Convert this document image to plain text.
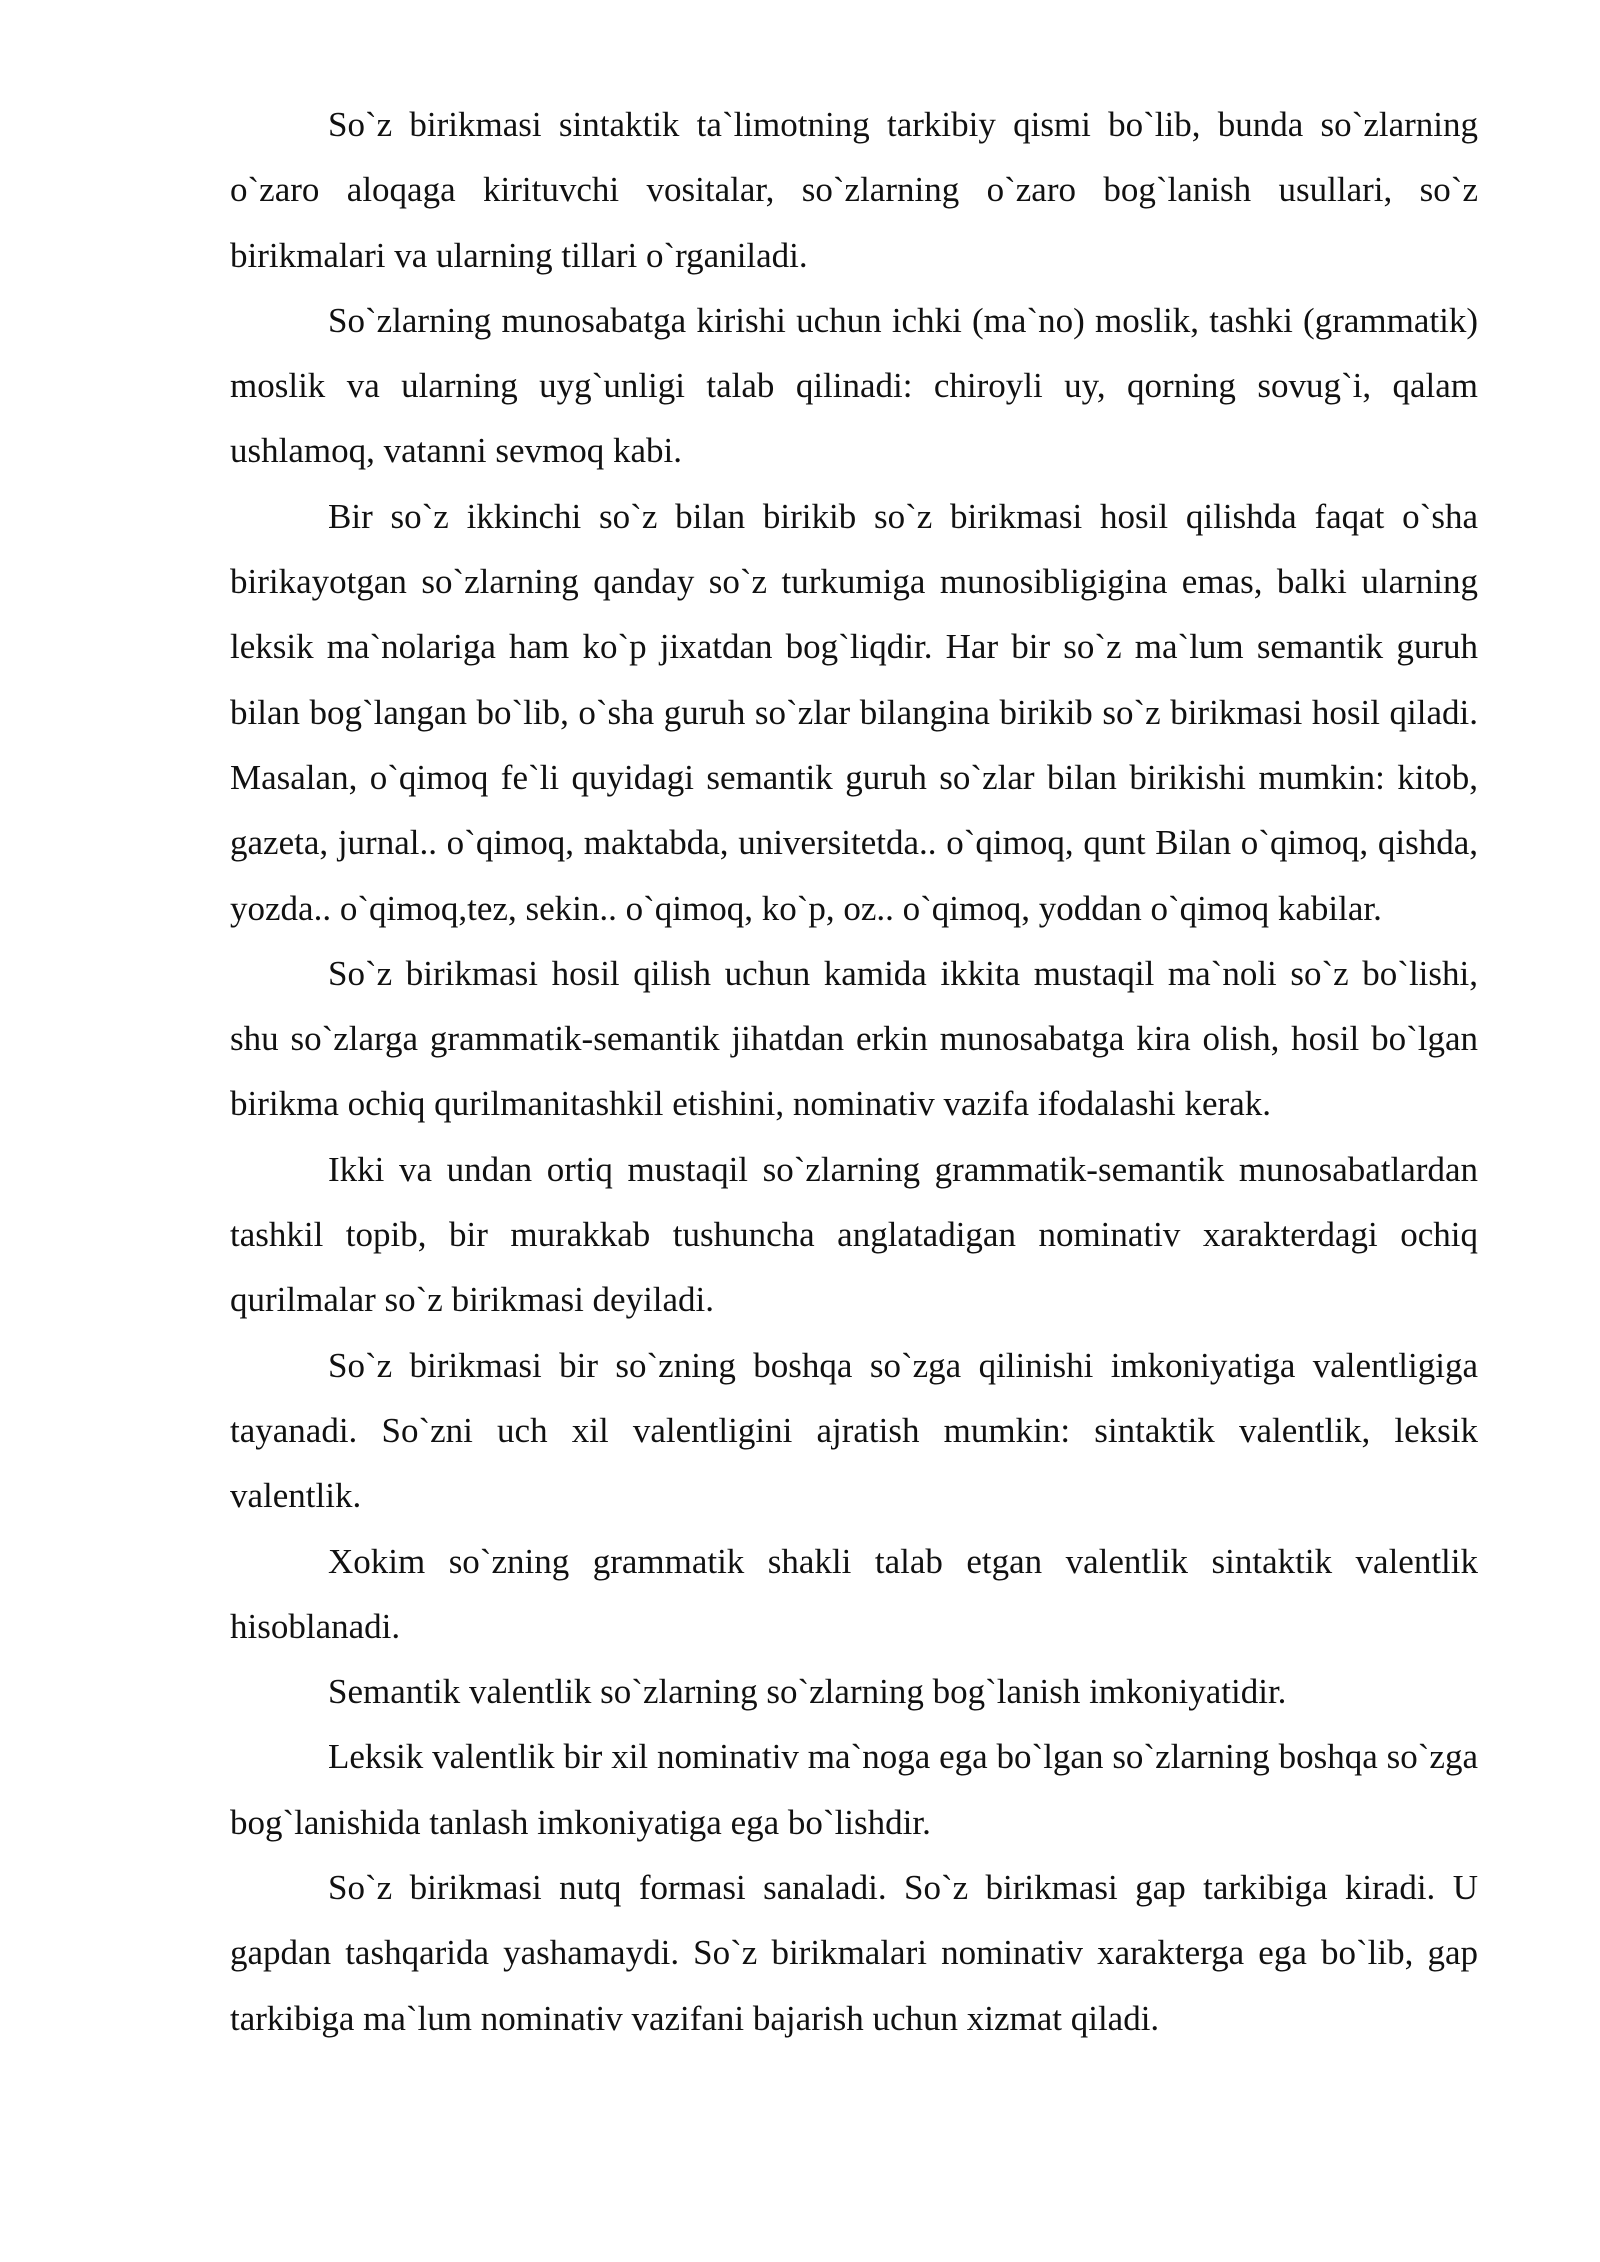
So`z birikmasi sintaktik ta`limotning tarkibiy qismi bo`lib, bunda so`zlarning o`zaro aloqaga kirituvchi vositalar, so`zlarning o`zaro bog`lanish usullari, so`z birikmalari va ularning tillari o`rganiladi.

So`zlarning munosabatga kirishi uchun ichki (ma`no) moslik, tashki (grammatik) moslik va ularning uyg`unligi talab qilinadi: chiroyli uy, qorning sovug`i, qalam ushlamoq, vatanni sevmoq kabi.

Bir so`z ikkinchi so`z bilan birikib so`z birikmasi hosil qilishda faqat o`sha birikayotgan so`zlarning qanday so`z turkumiga munosibligigina emas, balki ularning leksik ma`nolariga ham ko`p jixatdan bog`liqdir. Har bir so`z ma`lum semantik guruh bilan bog`langan bo`lib, o`sha guruh so`zlar bilangina birikib so`z birikmasi hosil qiladi. Masalan, o`qimoq fe`li quyidagi semantik guruh so`zlar bilan birikishi mumkin: kitob, gazeta, jurnal.. o`qimoq, maktabda, universitetda.. o`qimoq, qunt Bilan o`qimoq, qishda, yozda.. o`qimoq,tez, sekin.. o`qimoq, ko`p, oz.. o`qimoq, yoddan o`qimoq kabilar.

So`z birikmasi hosil qilish uchun kamida ikkita mustaqil ma`noli so`z bo`lishi, shu so`zlarga grammatik-semantik jihatdan erkin munosabatga kira olish, hosil bo`lgan birikma ochiq qurilmanitashkil etishini, nominativ vazifa ifodalashi kerak.

Ikki va undan ortiq mustaqil so`zlarning grammatik-semantik munosabatlardan tashkil topib, bir murakkab tushuncha anglatadigan nominativ xarakterdagi ochiq qurilmalar so`z birikmasi deyiladi.

So`z birikmasi bir so`zning boshqa so`zga qilinishi imkoniyatiga valentligiga tayanadi. So`zni uch xil valentligini ajratish mumkin: sintaktik valentlik, leksik valentlik.

Xokim so`zning grammatik shakli talab etgan valentlik sintaktik valentlik hisoblanadi.

Semantik valentlik so`zlarning so`zlarning bog`lanish imkoniyatidir.

Leksik valentlik bir xil nominativ ma`noga ega bo`lgan so`zlarning boshqa so`zga bog`lanishida tanlash imkoniyatiga ega bo`lishdir.

So`z birikmasi nutq formasi sanaladi. So`z birikmasi gap tarkibiga kiradi. U gapdan tashqarida yashamaydi. So`z birikmalari nominativ xarakterga ega bo`lib, gap tarkibiga ma`lum nominativ vazifani bajarish uchun xizmat qiladi.
